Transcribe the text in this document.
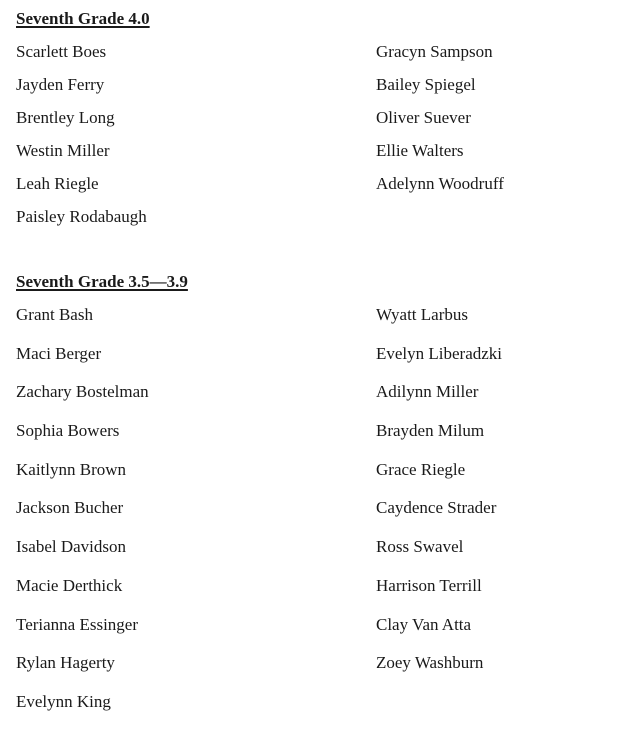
Seventh Grade 4.0
Scarlett Boes
Jayden Ferry
Brentley Long
Westin Miller
Leah Riegle
Paisley Rodabaugh
Gracyn Sampson
Bailey Spiegel
Oliver Suever
Ellie Walters
Adelynn Woodruff
Seventh Grade 3.5—3.9
Grant Bash
Maci Berger
Zachary Bostelman
Sophia Bowers
Kaitlynn Brown
Jackson Bucher
Isabel Davidson
Macie Derthick
Terianna Essinger
Rylan Hagerty
Evelynn King
Wyatt Larbus
Evelyn Liberadzki
Adilynn Miller
Brayden Milum
Grace Riegle
Caydence Strader
Ross Swavel
Harrison Terrill
Clay Van Atta
Zoey Washburn
